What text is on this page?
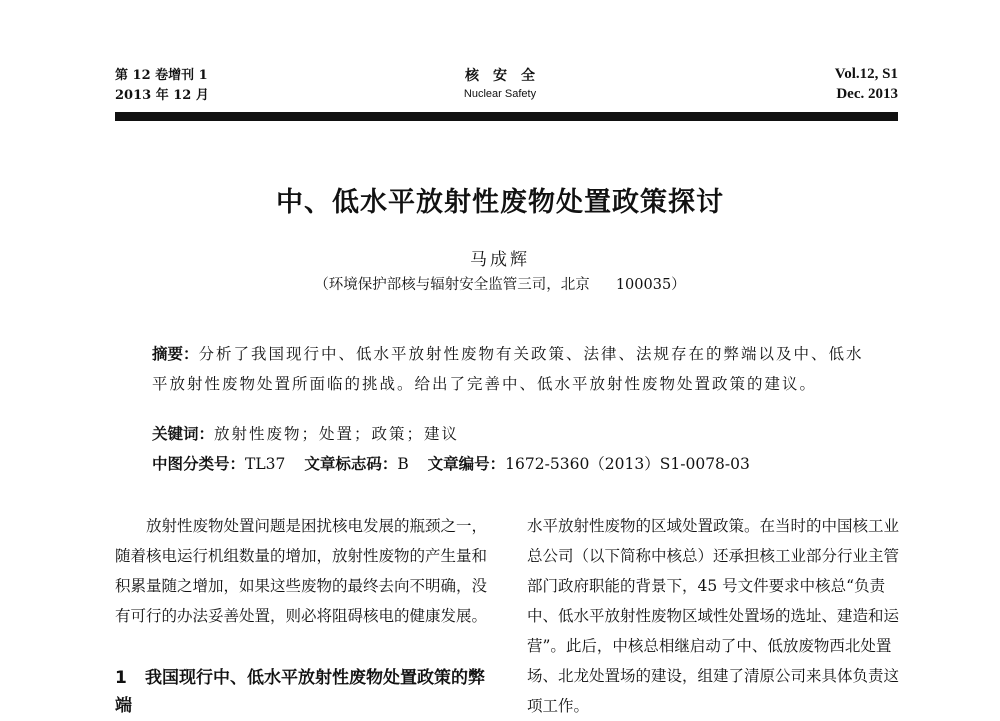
第 12 卷增刊 1
2013 年 12 月
核安全
Nuclear Safety
Vol.12, S1
Dec. 2013
中、低水平放射性废物处置政策探讨
马成辉
（环境保护部核与辐射安全监管三司，北京 100035）

摘要：分析了我国现行中、低水平放射性废物有关政策、法律、法规存在的弊端以及中、低水平放射性废物处置所面临的挑战。给出了完善中、低水平放射性废物处置政策的建议。

关键词：放射性废物；处置；政策；建议
中图分类号：TL37 文章标志码：B 文章编号：1672-5360（2013）S1-0078-03

放射性废物处置问题是困扰核电发展的瓶颈之一，随着核电运行机组数量的增加，放射性废物的产生量和积累量随之增加，如果这些废物的最终去向不明确，没有可行的办法妥善处置，则必将阻碍核电的健康发展。

1 我国现行中、低水平放射性废物处置政策的弊端

水平放射性废物的区域处置政策。在当时的中国核工业总公司（以下简称中核总）还承担核工业部分行业主管部门政府职能的背景下，45 号文件要求中核总“负责中、低水平放射性废物区域性处置场的选址、建造和运营”。此后，中核总相继启动了中、低放废物西北处置场、北龙处置场的建设，组建了清原公司来具体负责这项工作。
